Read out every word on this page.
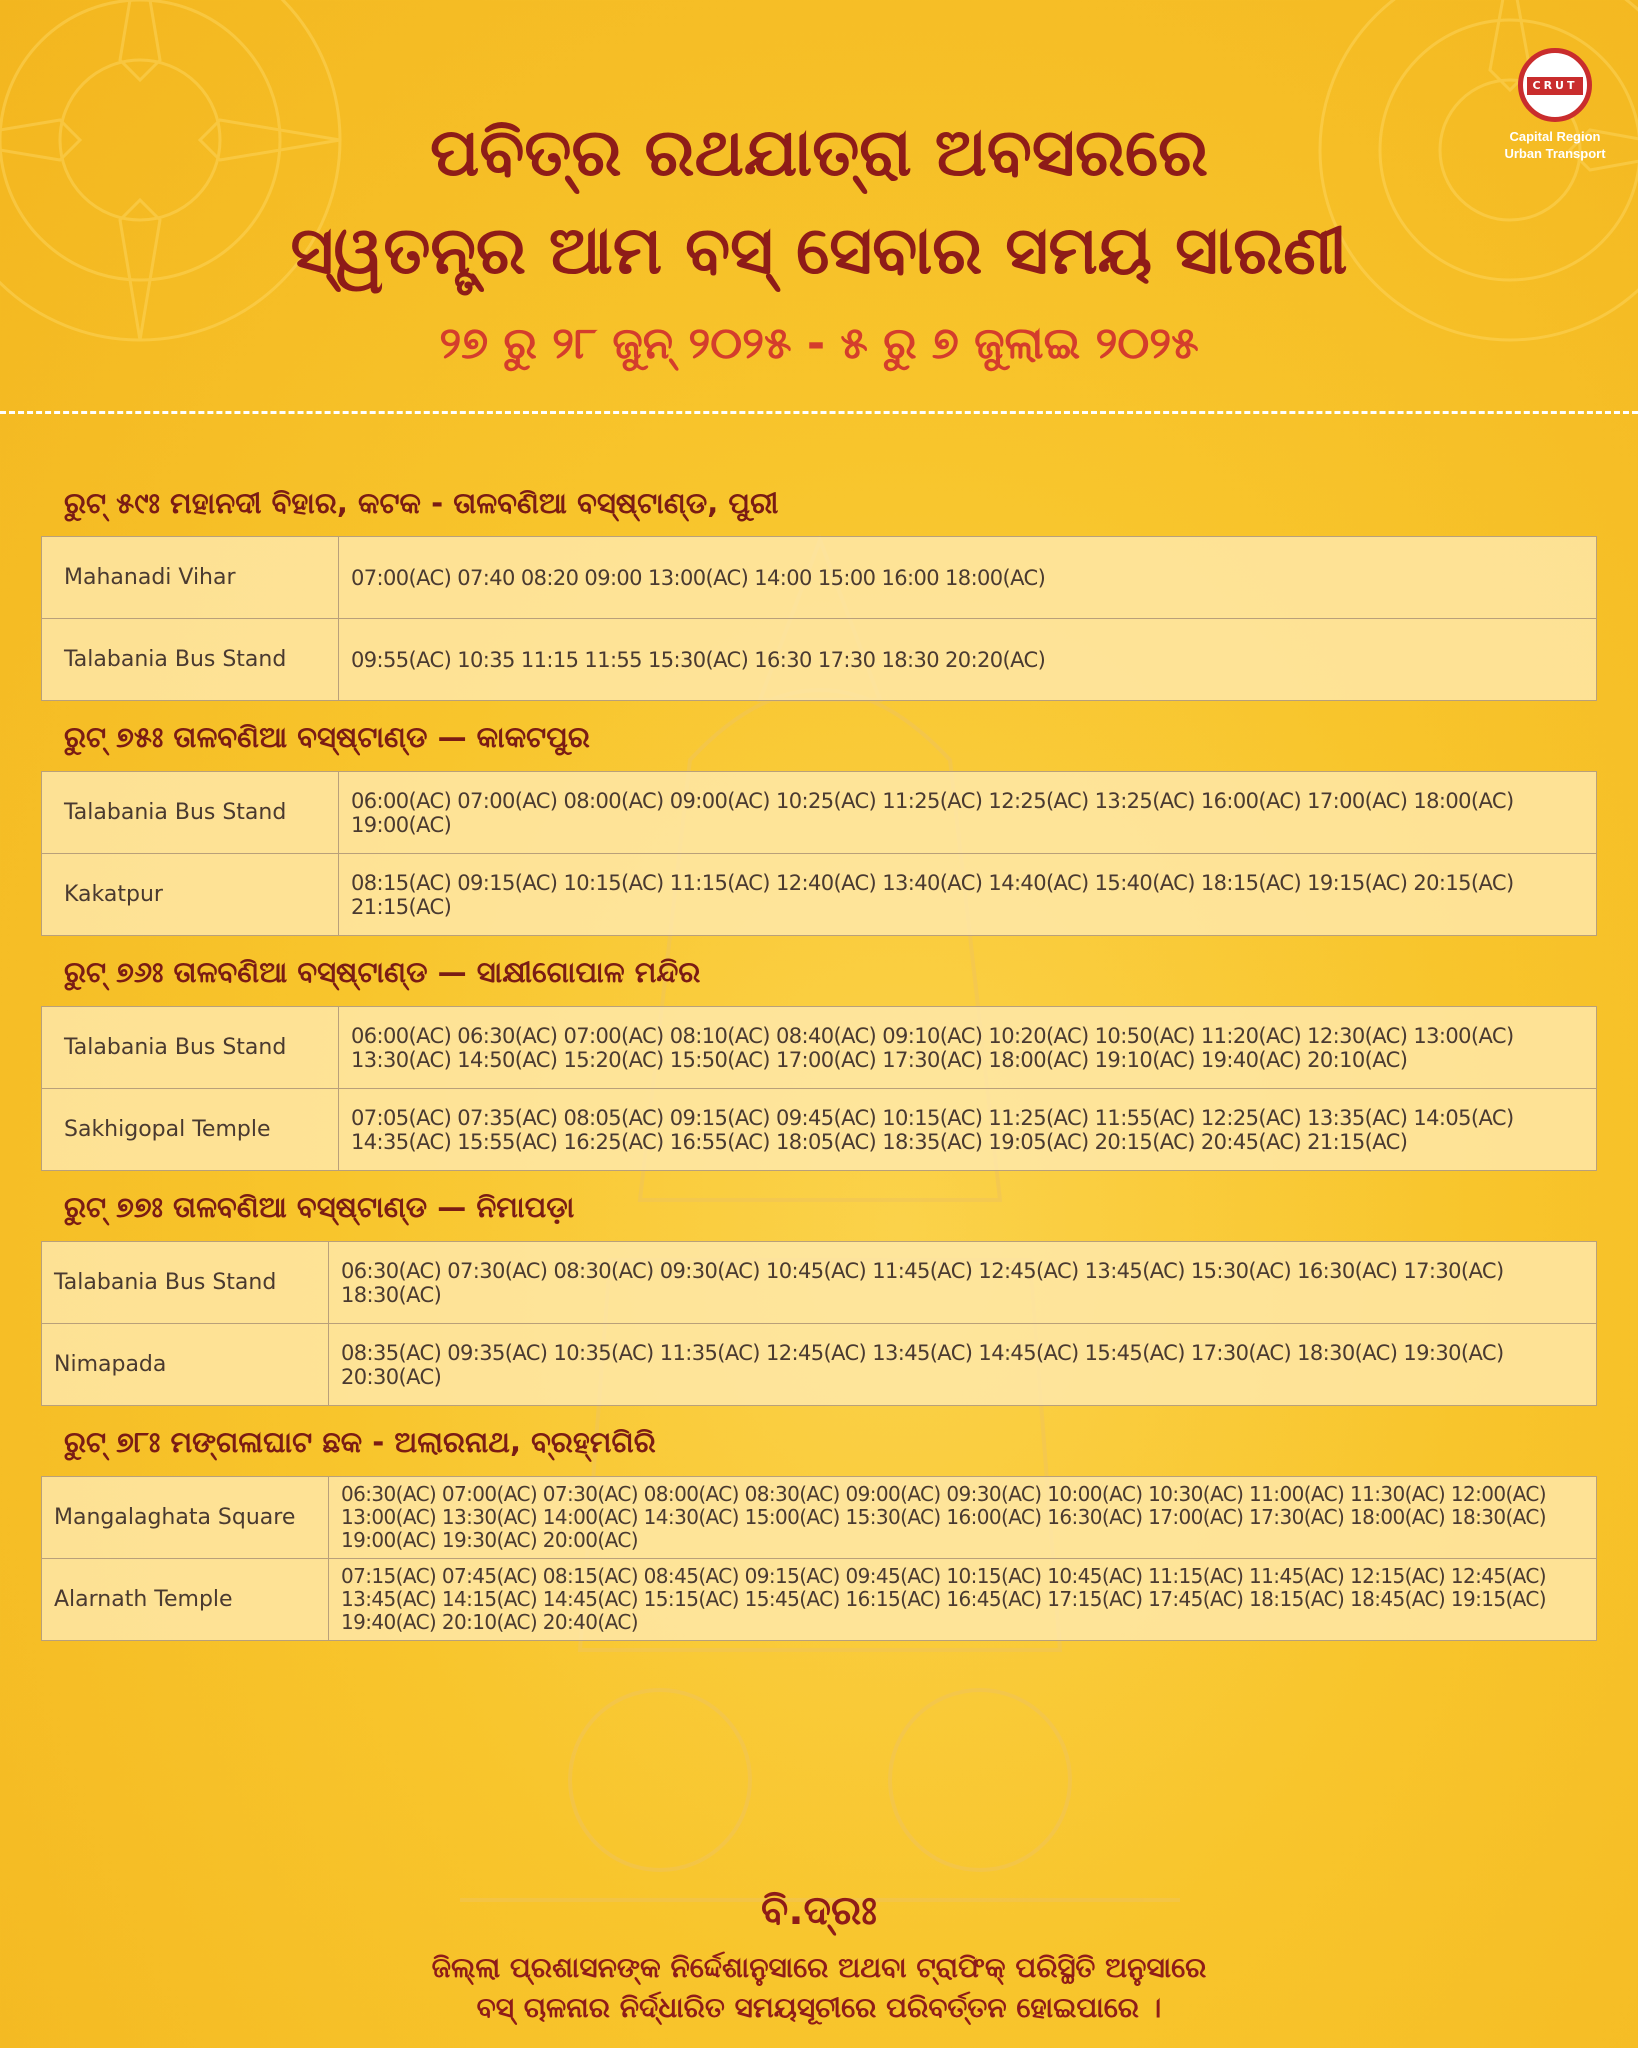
CRUT
Capital Region
Urban Transport
ପବିତ୍ର ରଥଯାତ୍ରା ଅବସରରେ
ସ୍ୱତନ୍ତ୍ର ଆମ ବସ୍ ସେବାର ସମୟ ସାରଣୀ
୨୭ ରୁ ୨୮ ଜୁନ୍ ୨୦୨୫ - ୫ ରୁ ୭ ଜୁଲାଇ ୨୦୨୫
ରୁଟ୍ ୫୯ଃ ମହାନଦୀ ବିହାର, କଟକ - ତାଳବଣିଆ ବସ୍ଷ୍ଟାଣ୍ଡ, ପୁରୀ
Mahanadi Vihar	07:00(AC) 07:40 08:20 09:00 13:00(AC) 14:00 15:00 16:00 18:00(AC)
Talabania Bus Stand	09:55(AC) 10:35 11:15 11:55 15:30(AC) 16:30 17:30 18:30 20:20(AC)
ରୁଟ୍ ୭୫ଃ ତାଳବଣିଆ ବସ୍ଷ୍ଟାଣ୍ଡ — କାକଟପୁର
Talabania Bus Stand	06:00(AC) 07:00(AC) 08:00(AC) 09:00(AC) 10:25(AC) 11:25(AC) 12:25(AC) 13:25(AC) 16:00(AC) 17:00(AC) 18:00(AC) 19:00(AC)
Kakatpur	08:15(AC) 09:15(AC) 10:15(AC) 11:15(AC) 12:40(AC) 13:40(AC) 14:40(AC) 15:40(AC) 18:15(AC) 19:15(AC) 20:15(AC) 21:15(AC)
ରୁଟ୍ ୭୬ଃ ତାଳବଣିଆ ବସ୍ଷ୍ଟାଣ୍ଡ — ସାକ୍ଷୀଗୋପାଳ ମନ୍ଦିର
Talabania Bus Stand	06:00(AC) 06:30(AC) 07:00(AC) 08:10(AC) 08:40(AC) 09:10(AC) 10:20(AC) 10:50(AC) 11:20(AC) 12:30(AC) 13:00(AC) 13:30(AC) 14:50(AC) 15:20(AC) 15:50(AC) 17:00(AC) 17:30(AC) 18:00(AC) 19:10(AC) 19:40(AC) 20:10(AC)
Sakhigopal Temple	07:05(AC) 07:35(AC) 08:05(AC) 09:15(AC) 09:45(AC) 10:15(AC) 11:25(AC) 11:55(AC) 12:25(AC) 13:35(AC) 14:05(AC) 14:35(AC) 15:55(AC) 16:25(AC) 16:55(AC) 18:05(AC) 18:35(AC) 19:05(AC) 20:15(AC) 20:45(AC) 21:15(AC)
ରୁଟ୍ ୭୭ଃ ତାଳବଣିଆ ବସ୍ଷ୍ଟାଣ୍ଡ — ନିମାପଡ଼ା
Talabania Bus Stand	06:30(AC) 07:30(AC) 08:30(AC) 09:30(AC) 10:45(AC) 11:45(AC) 12:45(AC) 13:45(AC) 15:30(AC) 16:30(AC) 17:30(AC) 18:30(AC)
Nimapada	08:35(AC) 09:35(AC) 10:35(AC) 11:35(AC) 12:45(AC) 13:45(AC) 14:45(AC) 15:45(AC) 17:30(AC) 18:30(AC) 19:30(AC) 20:30(AC)
ରୁଟ୍ ୭୮ଃ ମଙ୍ଗଳାଘାଟ ଛକ - ଅଲାରନାଥ, ବ୍ରହ୍ମଗିରି
Mangalaghata Square	06:30(AC) 07:00(AC) 07:30(AC) 08:00(AC) 08:30(AC) 09:00(AC) 09:30(AC) 10:00(AC) 10:30(AC) 11:00(AC) 11:30(AC) 12:00(AC) 13:00(AC) 13:30(AC) 14:00(AC) 14:30(AC) 15:00(AC) 15:30(AC) 16:00(AC) 16:30(AC) 17:00(AC) 17:30(AC) 18:00(AC) 18:30(AC) 19:00(AC) 19:30(AC) 20:00(AC)
Alarnath Temple	07:15(AC) 07:45(AC) 08:15(AC) 08:45(AC) 09:15(AC) 09:45(AC) 10:15(AC) 10:45(AC) 11:15(AC) 11:45(AC) 12:15(AC) 12:45(AC) 13:45(AC) 14:15(AC) 14:45(AC) 15:15(AC) 15:45(AC) 16:15(AC) 16:45(AC) 17:15(AC) 17:45(AC) 18:15(AC) 18:45(AC) 19:15(AC) 19:40(AC) 20:10(AC) 20:40(AC)
ବି.ଦ୍ରଃ
ଜିଲ୍ଲା ପ୍ରଶାସନଙ୍କ ନିର୍ଦ୍ଦେଶାନୁସାରେ ଅଥବା ଟ୍ରାଫିକ୍ ପରିସ୍ଥିତି ଅନୁସାରେ
ବସ୍ ଚାଳନାର ନିର୍ଦ୍ଧାରିତ ସମୟସୂଚୀରେ ପରିବର୍ତ୍ତନ ହୋଇପାରେ ।
